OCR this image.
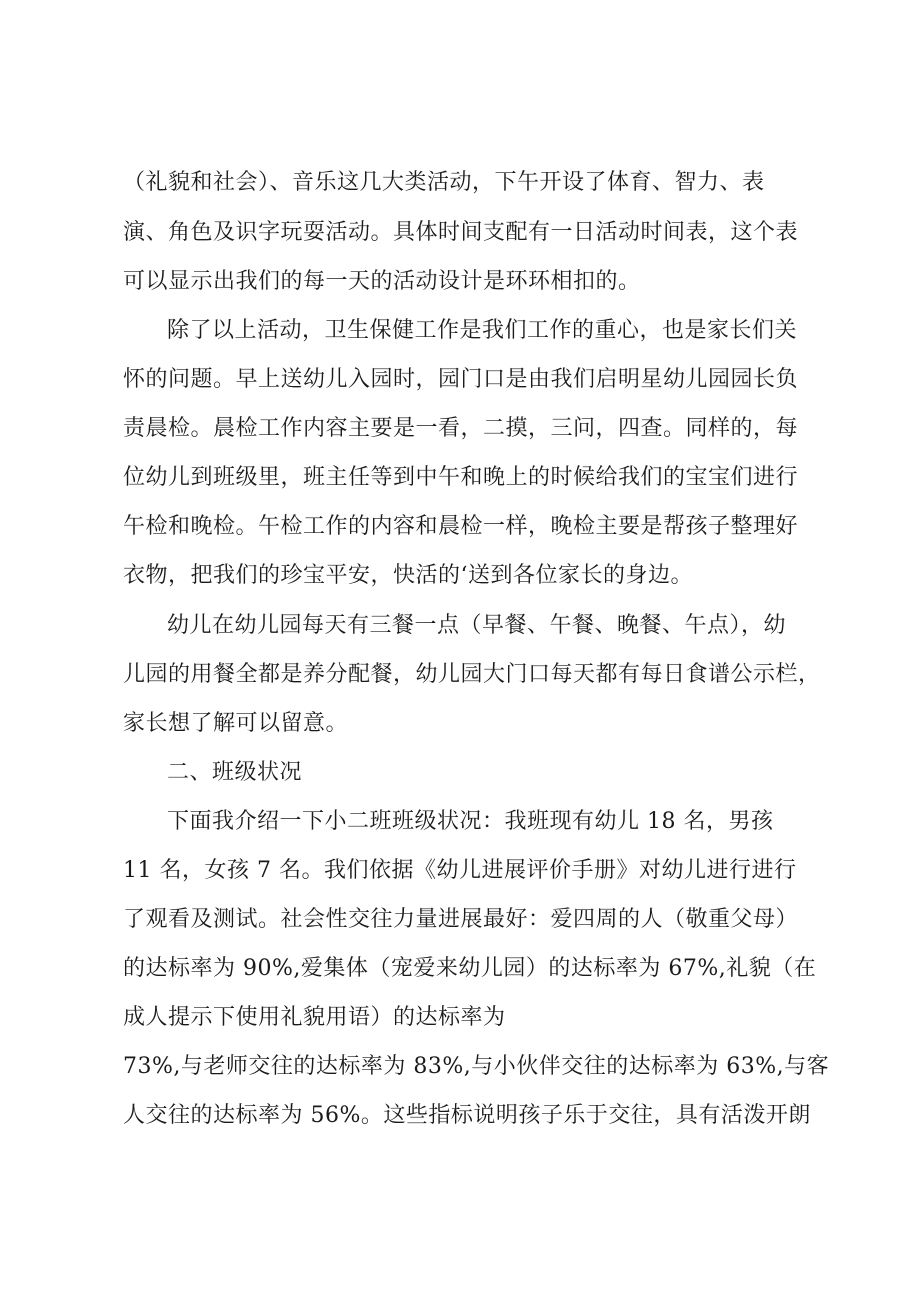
（礼貌和社会）、音乐这几大类活动，下午开设了体育、智力、表

演、角色及识字玩耍活动。具体时间支配有一日活动时间表，这个表

可以显示出我们的每一天的活动设计是环环相扣的。

除了以上活动，卫生保健工作是我们工作的重心，也是家长们关

怀的问题。早上送幼儿入园时，园门口是由我们启明星幼儿园园长负

责晨检。晨检工作内容主要是一看，二摸，三问，四查。同样的，每

位幼儿到班级里，班主任等到中午和晚上的时候给我们的宝宝们进行

午检和晚检。午检工作的内容和晨检一样，晚检主要是帮孩子整理好

衣物，把我们的珍宝平安，快活的‘送到各位家长的身边。

幼儿在幼儿园每天有三餐一点（早餐、午餐、晚餐、午点），幼

儿园的用餐全都是养分配餐，幼儿园大门口每天都有每日食谱公示栏，

家长想了解可以留意。

二、班级状况

下面我介绍一下小二班班级状况：我班现有幼儿 18 名，男孩

11 名，女孩 7 名。我们依据《幼儿进展评价手册》对幼儿进行进行

了观看及测试。社会性交往力量进展最好：爱四周的人（敬重父母）

的达标率为 90%,爱集体（宠爱来幼儿园）的达标率为 67%,礼貌（在

成人提示下使用礼貌用语）的达标率为

73%,与老师交往的达标率为 83%,与小伙伴交往的达标率为 63%,与客

人交往的达标率为 56%。这些指标说明孩子乐于交往，具有活泼开朗
